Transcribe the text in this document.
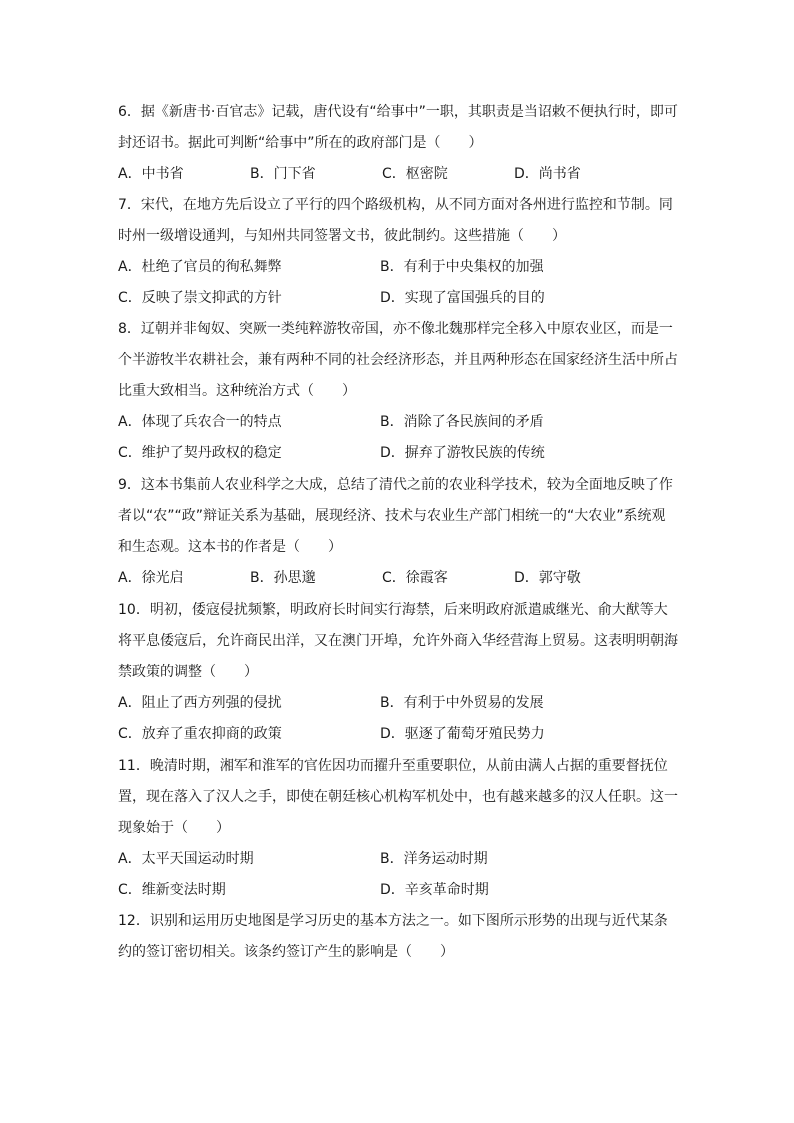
6．据《新唐书·百官志》记载，唐代设有“给事中”一职，其职责是当诏敕不便执行时，即可封还诏书。据此可判断“给事中”所在的政府部门是（　　）

A．中书省	B．门下省	C．枢密院	D．尚书省

7．宋代，在地方先后设立了平行的四个路级机构，从不同方面对各州进行监控和节制。同时州一级增设通判，与知州共同签署文书，彼此制约。这些措施（　　）

A．杜绝了官员的徇私舞弊	B．有利于中央集权的加强
C．反映了崇文抑武的方针	D．实现了富国强兵的目的

8．辽朝并非匈奴、突厥一类纯粹游牧帝国，亦不像北魏那样完全移入中原农业区，而是一个半游牧半农耕社会，兼有两种不同的社会经济形态，并且两种形态在国家经济生活中所占比重大致相当。这种统治方式（　　）

A．体现了兵农合一的特点	B．消除了各民族间的矛盾
C．维护了契丹政权的稳定	D．摒弃了游牧民族的传统

9．这本书集前人农业科学之大成，总结了清代之前的农业科学技术，较为全面地反映了作者以“农”“政”辩证关系为基础，展现经济、技术与农业生产部门相统一的“大农业”系统观和生态观。这本书的作者是（　　）

A．徐光启	B．孙思邈	C．徐霞客	D．郭守敬

10．明初，倭寇侵扰频繁，明政府长时间实行海禁，后来明政府派遣戚继光、俞大猷等大将平息倭寇后，允许商民出洋，又在澳门开埠，允许外商入华经营海上贸易。这表明明朝海禁政策的调整（　　）

A．阻止了西方列强的侵扰	B．有利于中外贸易的发展
C．放弃了重农抑商的政策	D．驱逐了葡萄牙殖民势力

11．晚清时期，湘军和淮军的官佐因功而擢升至重要职位，从前由满人占据的重要督抚位置，现在落入了汉人之手，即使在朝廷核心机构军机处中，也有越来越多的汉人任职。这一现象始于（　　）

A．太平天国运动时期	B．洋务运动时期
C．维新变法时期	D．辛亥革命时期

12．识别和运用历史地图是学习历史的基本方法之一。如下图所示形势的出现与近代某条约的签订密切相关。该条约签订产生的影响是（　　）
